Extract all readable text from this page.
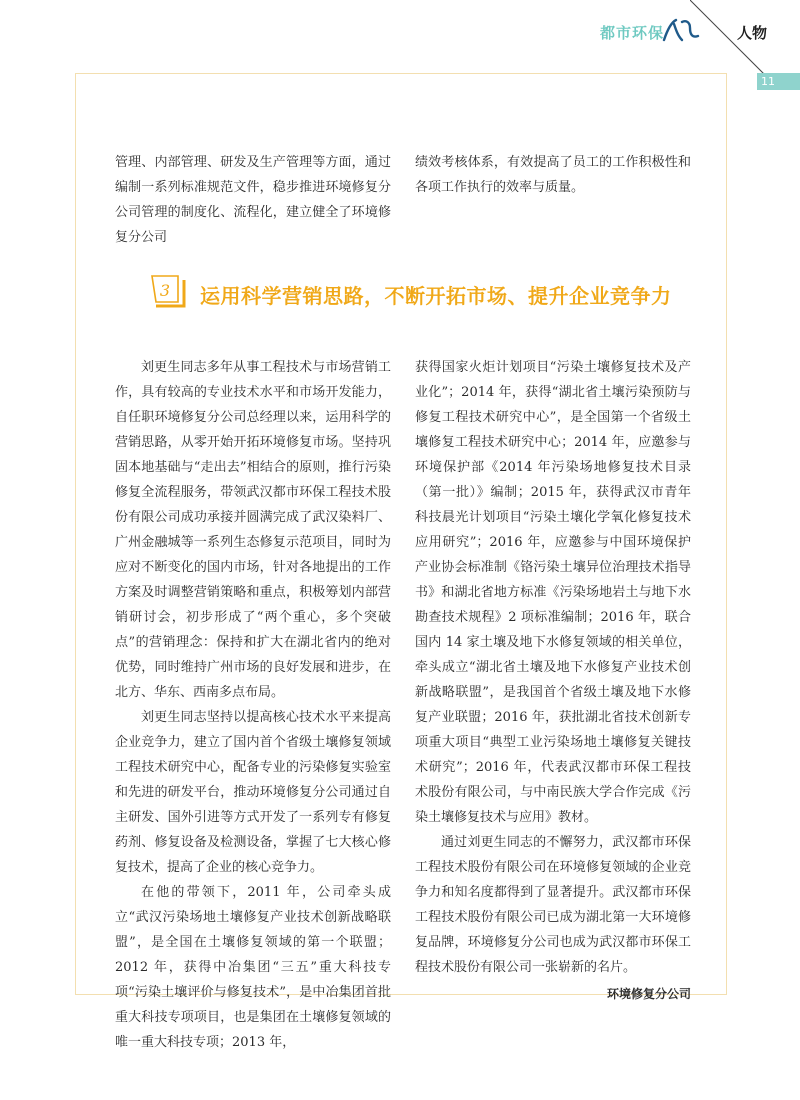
都市环保	人物
11

管理、内部管理、研发及生产管理等方面，通过编制一系列标准规范文件，稳步推进环境修复分公司管理的制度化、流程化，建立健全了环境修复分公司

绩效考核体系，有效提高了员工的工作积极性和各项工作执行的效率与质量。

3 运用科学营销思路，不断开拓市场、提升企业竞争力

刘更生同志多年从事工程技术与市场营销工作，具有较高的专业技术水平和市场开发能力，自任职环境修复分公司总经理以来，运用科学的营销思路，从零开始开拓环境修复市场。坚持巩固本地基础与“走出去”相结合的原则，推行污染修复全流程服务，带领武汉都市环保工程技术股份有限公司成功承接并圆满完成了武汉染料厂、广州金融城等一系列生态修复示范项目，同时为应对不断变化的国内市场，针对各地提出的工作方案及时调整营销策略和重点，积极筹划内部营销研讨会，初步形成了“两个重心，多个突破点”的营销理念：保持和扩大在湖北省内的绝对优势，同时维持广州市场的良好发展和进步，在北方、华东、西南多点布局。

刘更生同志坚持以提高核心技术水平来提高企业竞争力，建立了国内首个省级土壤修复领域工程技术研究中心，配备专业的污染修复实验室和先进的研发平台，推动环境修复分公司通过自主研发、国外引进等方式开发了一系列专有修复药剂、修复设备及检测设备，掌握了七大核心修复技术，提高了企业的核心竞争力。

在他的带领下，2011 年，公司牵头成立“武汉污染场地土壤修复产业技术创新战略联盟”，是全国在土壤修复领域的第一个联盟；2012 年，获得中冶集团“三五”重大科技专项“污染土壤评价与修复技术”，是中冶集团首批重大科技专项项目，也是集团在土壤修复领域的唯一重大科技专项；2013 年，

获得国家火炬计划项目“污染土壤修复技术及产业化”；2014 年，获得“湖北省土壤污染预防与修复工程技术研究中心”，是全国第一个省级土壤修复工程技术研究中心；2014 年，应邀参与环境保护部《2014 年污染场地修复技术目录（第一批）》编制；2015 年，获得武汉市青年科技晨光计划项目“污染土壤化学氧化修复技术应用研究”；2016 年，应邀参与中国环境保护产业协会标准制《铬污染土壤异位治理技术指导书》和湖北省地方标准《污染场地岩土与地下水勘查技术规程》2 项标准编制；2016 年，联合国内 14 家土壤及地下水修复领域的相关单位，牵头成立“湖北省土壤及地下水修复产业技术创新战略联盟”，是我国首个省级土壤及地下水修复产业联盟；2016 年，获批湖北省技术创新专项重大项目“典型工业污染场地土壤修复关键技术研究”；2016 年，代表武汉都市环保工程技术股份有限公司，与中南民族大学合作完成《污染土壤修复技术与应用》教材。

通过刘更生同志的不懈努力，武汉都市环保工程技术股份有限公司在环境修复领域的企业竞争力和知名度都得到了显著提升。武汉都市环保工程技术股份有限公司已成为湖北第一大环境修复品牌，环境修复分公司也成为武汉都市环保工程技术股份有限公司一张崭新的名片。

环境修复分公司
